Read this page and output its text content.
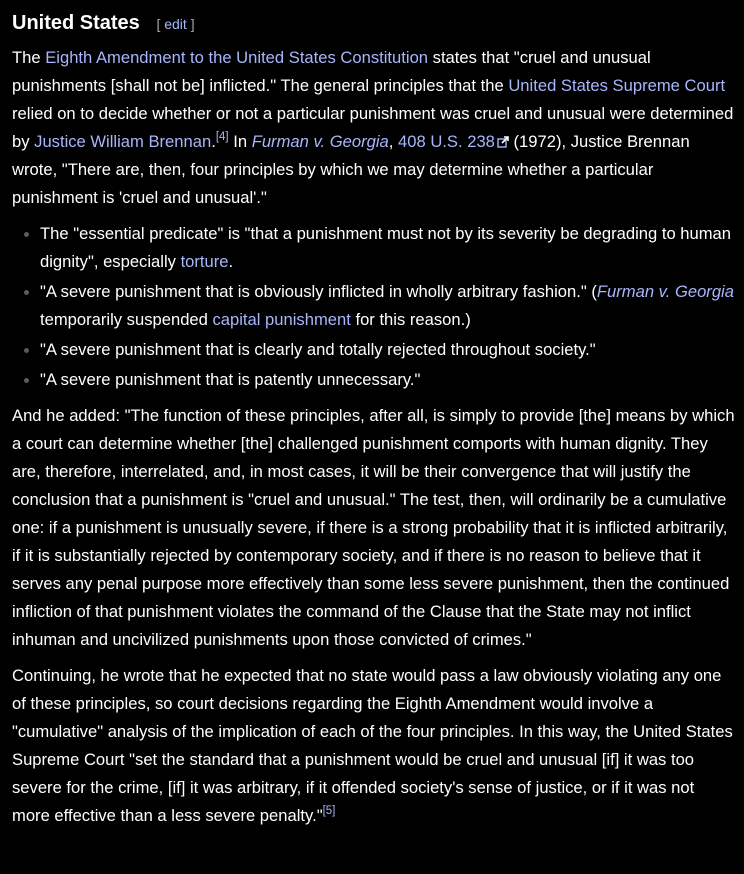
United States [ edit ]

The Eighth Amendment to the United States Constitution states that "cruel and unusual punishments [shall not be] inflicted." The general principles that the United States Supreme Court relied on to decide whether or not a particular punishment was cruel and unusual were determined by Justice William Brennan.[4] In Furman v. Georgia, 408 U.S. 238 (1972), Justice Brennan wrote, "There are, then, four principles by which we may determine whether a particular punishment is 'cruel and unusual'."

The "essential predicate" is "that a punishment must not by its severity be degrading to human dignity", especially torture.
"A severe punishment that is obviously inflicted in wholly arbitrary fashion." (Furman v. Georgia temporarily suspended capital punishment for this reason.)
"A severe punishment that is clearly and totally rejected throughout society."
"A severe punishment that is patently unnecessary."

And he added: "The function of these principles, after all, is simply to provide [the] means by which a court can determine whether [the] challenged punishment comports with human dignity. They are, therefore, interrelated, and, in most cases, it will be their convergence that will justify the conclusion that a punishment is "cruel and unusual." The test, then, will ordinarily be a cumulative one: if a punishment is unusually severe, if there is a strong probability that it is inflicted arbitrarily, if it is substantially rejected by contemporary society, and if there is no reason to believe that it serves any penal purpose more effectively than some less severe punishment, then the continued infliction of that punishment violates the command of the Clause that the State may not inflict inhuman and uncivilized punishments upon those convicted of crimes."

Continuing, he wrote that he expected that no state would pass a law obviously violating any one of these principles, so court decisions regarding the Eighth Amendment would involve a "cumulative" analysis of the implication of each of the four principles. In this way, the United States Supreme Court "set the standard that a punishment would be cruel and unusual [if] it was too severe for the crime, [if] it was arbitrary, if it offended society's sense of justice, or if it was not more effective than a less severe penalty."[5]
